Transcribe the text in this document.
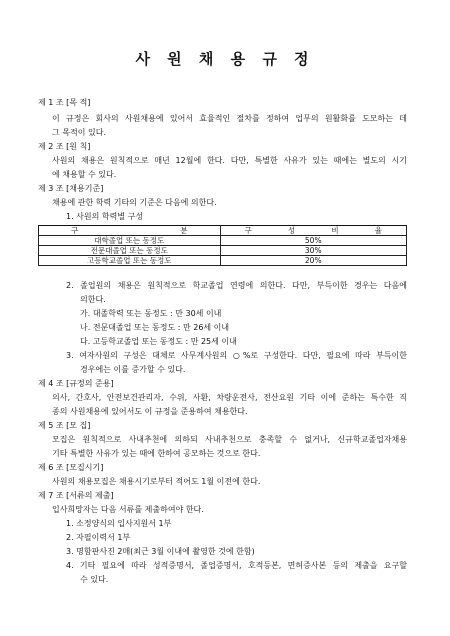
사 원 채 용 규 정
제 1 조 [목 적]
이 규정은 회사의 사원채용에 있어서 효율적인 절차를 정하여 업무의 원활화를 도모하는 데
그 목적이 있다.
제 2 조 [원 칙]
사원의 채용은 원칙적으로 매년 12월에 한다. 다만, 특별한 사유가 있는 때에는 별도의 시기
에 채용할 수 있다.
제 3 조 [채용기준]
채용에 관한 학력 기타의 기준은 다음에 의한다.
1. 사원의 학력별 구성
구 분	구 성 비 율

대학졸업 또는 동정도	50%
전문대졸업 또는 동정도	30%
고등학교졸업 또는 동정도	20%
2. 졸업원의 채용은 원칙적으로 학교졸업 연령에 의한다. 다만, 부득이한 경우는 다음에
의한다.
가. 대졸학력 또는 동정도 : 만 30세 이내
나. 전문대졸업 또는 동정도 : 만 26세 이내
다. 고등학교졸업 또는 동정도 : 만 25세 이내
3. 여자사원의 구성은 대체로 사무계사원의 ○%로 구성한다. 다만, 필요에 따라 부득이한
경우에는 이를 증가할 수 있다.
제 4 조 [규정의 준용]
의사, 간호사, 안전보건관리자, 수위, 사환, 차량운전사, 전산요원 기타 이에 준하는 특수한 직
종의 사원채용에 있어서도 이 규정을 준용하여 채용한다.
제 5 조 [모 집]
모집은 원칙적으로 사내추천에 의하되 사내추천으로 충족할 수 없거나, 신규학교졸업자채용
기타 특별한 사유가 있는 때에 한하여 공모하는 것으로 한다.
제 6 조 [모집시기]
사원의 채용모집은 채용시기로부터 적어도 1월 이전에 한다.
제 7 조 [서류의 제출]
입사희망자는 다음 서류를 제출하여야 한다.
1. 소정양식의 입사지원서 1부
2. 자필이력서 1부
3. 명함판사진 2매(최근 3월 이내에 촬영한 것에 한함)
4. 기타 필요에 따라 성적증명서, 졸업증명서, 호적등본, 면허증사본 등의 제출을 요구할
수 있다.
